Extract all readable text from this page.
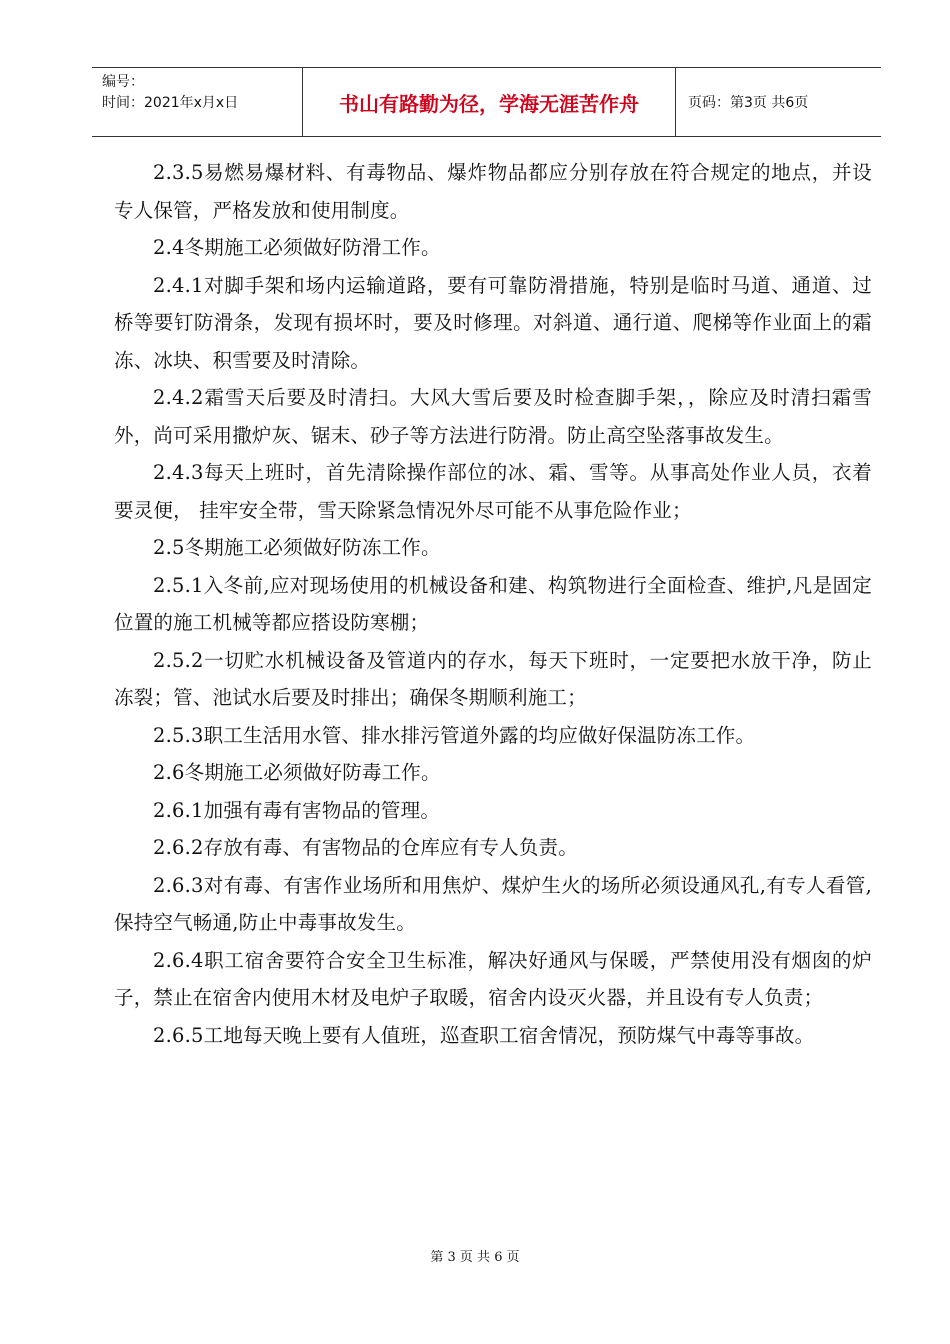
编号：
时间：2021年x月x日	书山有路勤为径，学海无涯苦作舟	页码：第3页 共6页

2.3.5易燃易爆材料、有毒物品、爆炸物品都应分别存放在符合规定的地点，并设专人保管，严格发放和使用制度。

2.4冬期施工必须做好防滑工作。

2.4.1对脚手架和场内运输道路，要有可靠防滑措施，特别是临时马道、通道、过桥等要钉防滑条，发现有损坏时，要及时修理。对斜道、通行道、爬梯等作业面上的霜冻、冰块、积雪要及时清除。

2.4.2霜雪天后要及时清扫。大风大雪后要及时检查脚手架，，除应及时清扫霜雪外，尚可采用撒炉灰、锯末、砂子等方法进行防滑。防止高空坠落事故发生。

2.4.3每天上班时，首先清除操作部位的冰、霜、雪等。从事高处作业人员，衣着要灵便， 挂牢安全带，雪天除紧急情况外尽可能不从事危险作业；

2.5冬期施工必须做好防冻工作。

2.5.1入冬前,应对现场使用的机械设备和建、构筑物进行全面检查、维护,凡是固定位置的施工机械等都应搭设防寒棚；

2.5.2一切贮水机械设备及管道内的存水，每天下班时，一定要把水放干净，防止冻裂；管、池试水后要及时排出；确保冬期顺利施工；

2.5.3职工生活用水管、排水排污管道外露的均应做好保温防冻工作。

2.6冬期施工必须做好防毒工作。

2.6.1加强有毒有害物品的管理。

2.6.2存放有毒、有害物品的仓库应有专人负责。

2.6.3对有毒、有害作业场所和用焦炉、煤炉生火的场所必须设通风孔,有专人看管,保持空气畅通,防止中毒事故发生。

2.6.4职工宿舍要符合安全卫生标准，解决好通风与保暖，严禁使用没有烟囱的炉子，禁止在宿舍内使用木材及电炉子取暖，宿舍内设灭火器，并且设有专人负责；

2.6.5工地每天晚上要有人值班，巡查职工宿舍情况，预防煤气中毒等事故。

第 3 页 共 6 页
